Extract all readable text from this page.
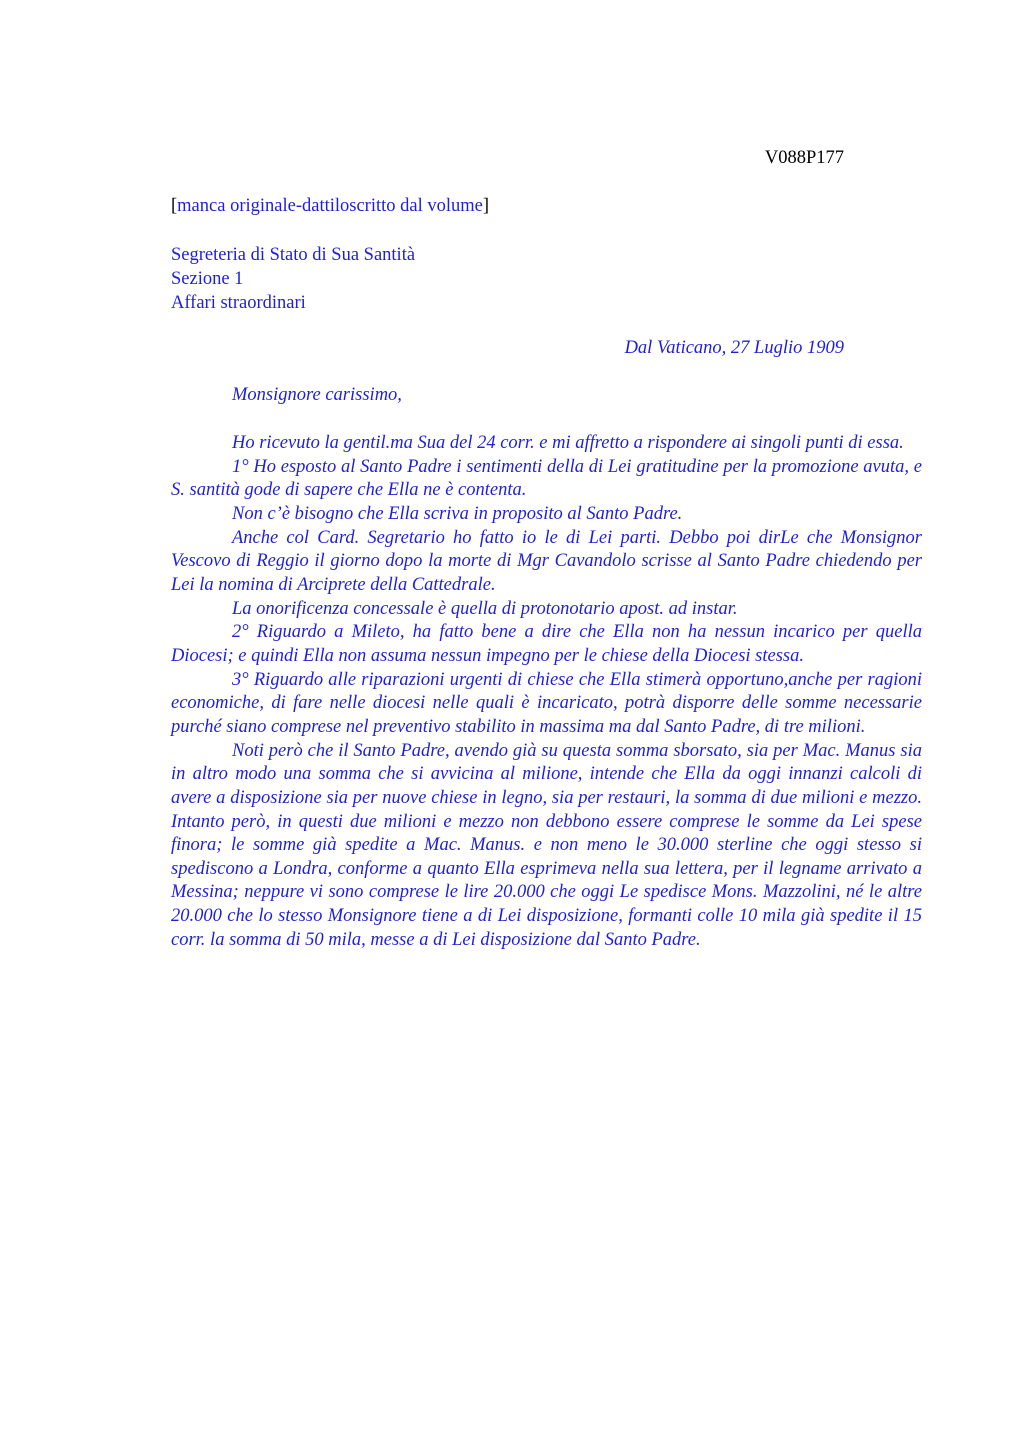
V088P177
[manca originale-dattiloscritto dal volume]
Segreteria di Stato di Sua Santità
Sezione 1
Affari straordinari
Dal Vaticano, 27 Luglio 1909
Monsignore carissimo,

Ho ricevuto la gentil.ma Sua del 24 corr. e mi affretto a rispondere ai singoli punti di essa.

1° Ho esposto al Santo Padre i sentimenti della di Lei gratitudine per la promozione avuta, e S. santità gode di sapere che Ella ne è contenta.

Non c’è bisogno che Ella scriva in proposito al Santo Padre.

Anche col Card. Segretario ho fatto io le di Lei parti. Debbo poi dirLe che Monsignor Vescovo di Reggio il giorno dopo la morte di Mgr Cavandolo scrisse al Santo Padre chiedendo per Lei la nomina di Arciprete della Cattedrale.

La onorificenza concessale è quella di protonotario apost. ad instar.

2° Riguardo a Mileto, ha fatto bene a dire che Ella non ha nessun incarico per quella Diocesi; e quindi Ella non assuma nessun impegno per le chiese della Diocesi stessa.

3° Riguardo alle riparazioni urgenti di chiese che Ella stimerà opportuno,anche per ragioni economiche, di fare nelle diocesi nelle quali è incaricato, potrà disporre delle somme necessarie purché siano comprese nel preventivo stabilito in massima ma dal Santo Padre, di tre milioni.

Noti però che il Santo Padre, avendo già su questa somma sborsato, sia per Mac. Manus sia in altro modo una somma che si avvicina al milione, intende che Ella da oggi innanzi calcoli di avere a disposizione sia per nuove chiese in legno, sia per restauri, la somma di due milioni e mezzo. Intanto però, in questi due milioni e mezzo non debbono essere comprese le somme da Lei spese finora; le somme già spedite a Mac. Manus. e non meno le 30.000 sterline che oggi stesso si spediscono a Londra, conforme a quanto Ella esprimeva nella sua lettera, per il legname arrivato a Messina; neppure vi sono comprese le lire 20.000 che oggi Le spedisce Mons. Mazzolini, né le altre 20.000 che lo stesso Monsignore tiene a di Lei disposizione, formanti colle 10 mila già spedite il 15 corr. la somma di 50 mila, messe a di Lei disposizione dal Santo Padre.
